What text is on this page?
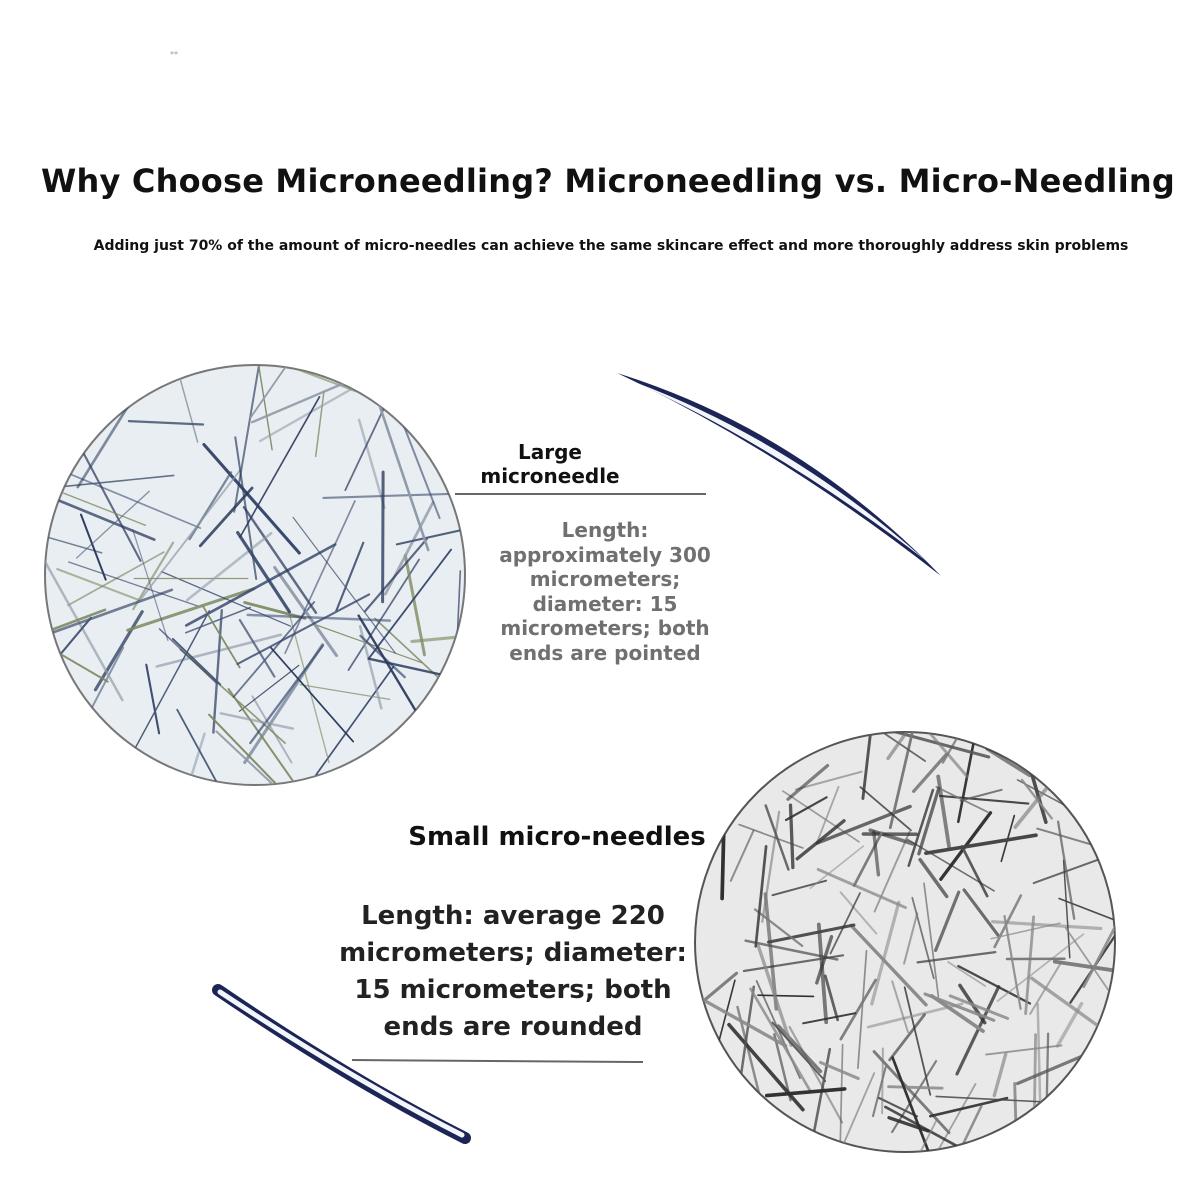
**
Why Choose Microneedling? Microneedling vs. Micro-Needling
Adding just 70% of the amount of micro-needles can achieve the same skincare effect and more thoroughly address skin problems
Large microneedle
Length: approximately 300 micrometers; diameter: 15 micrometers; both ends are pointed
Small micro-needles
Length: average 220 micrometers; diameter: 15 micrometers; both ends are rounded
